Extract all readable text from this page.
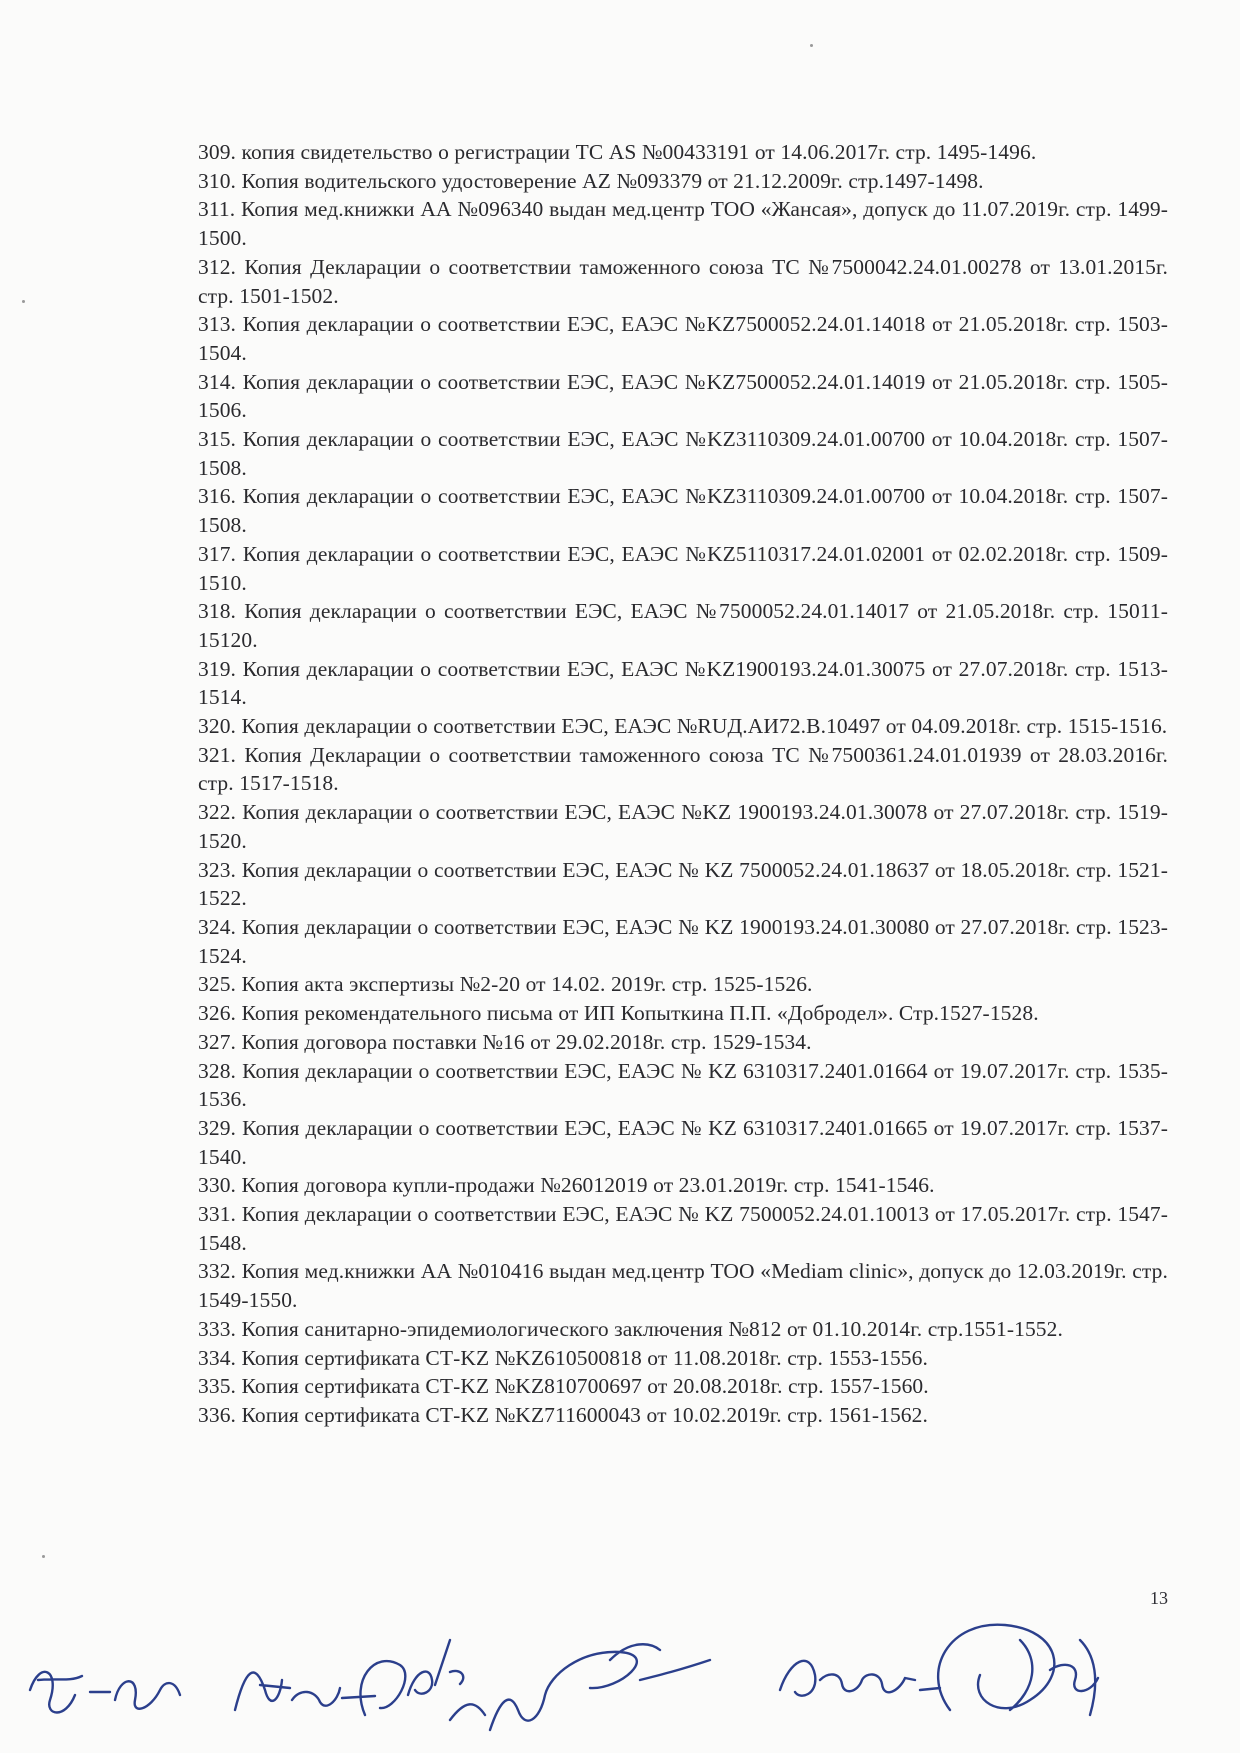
309. копия свидетельство о регистрации ТС AS №00433191 от 14.06.2017г. стр. 1495-1496.
310. Копия водительского удостоверение AZ №093379 от 21.12.2009г. стр.1497-1498.
311. Копия мед.книжки АА №096340 выдан мед.центр ТОО «Жансая», допуск до 11.07.2019г. стр. 1499-1500.
312. Копия Декларации о соответствии таможенного союза ТС №7500042.24.01.00278 от 13.01.2015г. стр. 1501-1502.
313. Копия декларации о соответствии ЕЭС, ЕАЭС №KZ7500052.24.01.14018 от 21.05.2018г. стр. 1503-1504.
314. Копия декларации о соответствии ЕЭС, ЕАЭС №KZ7500052.24.01.14019 от 21.05.2018г. стр. 1505-1506.
315. Копия декларации о соответствии ЕЭС, ЕАЭС №KZ3110309.24.01.00700 от 10.04.2018г. стр. 1507-1508.
316. Копия декларации о соответствии ЕЭС, ЕАЭС №KZ3110309.24.01.00700 от 10.04.2018г. стр. 1507-1508.
317. Копия декларации о соответствии ЕЭС, ЕАЭС №KZ5110317.24.01.02001 от 02.02.2018г. стр. 1509-1510.
318. Копия декларации о соответствии ЕЭС, ЕАЭС №7500052.24.01.14017 от 21.05.2018г. стр. 15011-15120.
319. Копия декларации о соответствии ЕЭС, ЕАЭС №KZ1900193.24.01.30075 от 27.07.2018г. стр. 1513-1514.
320. Копия декларации о соответствии ЕЭС, ЕАЭС №RUД.АИ72.В.10497 от 04.09.2018г. стр. 1515-1516.
321. Копия Декларации о соответствии таможенного союза ТС №7500361.24.01.01939 от 28.03.2016г. стр. 1517-1518.
322. Копия декларации о соответствии ЕЭС, ЕАЭС №KZ 1900193.24.01.30078 от 27.07.2018г. стр. 1519-1520.
323. Копия декларации о соответствии ЕЭС, ЕАЭС № KZ 7500052.24.01.18637 от 18.05.2018г. стр. 1521-1522.
324. Копия декларации о соответствии ЕЭС, ЕАЭС № KZ 1900193.24.01.30080 от 27.07.2018г. стр. 1523-1524.
325. Копия акта экспертизы №2-20 от 14.02. 2019г. стр. 1525-1526.
326. Копия рекомендательного письма от ИП Копыткина П.П. «Добродел». Стр.1527-1528.
327. Копия договора поставки №16 от 29.02.2018г. стр. 1529-1534.
328. Копия декларации о соответствии ЕЭС, ЕАЭС № KZ 6310317.2401.01664 от 19.07.2017г. стр. 1535-1536.
329. Копия декларации о соответствии ЕЭС, ЕАЭС № KZ 6310317.2401.01665 от 19.07.2017г. стр. 1537-1540.
330. Копия договора купли-продажи №26012019 от 23.01.2019г. стр. 1541-1546.
331. Копия декларации о соответствии ЕЭС, ЕАЭС № KZ 7500052.24.01.10013 от 17.05.2017г. стр. 1547-1548.
332. Копия мед.книжки АА №010416 выдан мед.центр ТОО «Mediam clinic», допуск до 12.03.2019г. стр. 1549-1550.
333. Копия санитарно-эпидемиологического заключения №812 от 01.10.2014г. стр.1551-1552.
334. Копия сертификата СТ-KZ №KZ610500818 от 11.08.2018г. стр. 1553-1556.
335. Копия сертификата СТ-KZ №KZ810700697 от 20.08.2018г. стр. 1557-1560.
336. Копия сертификата СТ-KZ №KZ711600043 от 10.02.2019г. стр. 1561-1562.
13
